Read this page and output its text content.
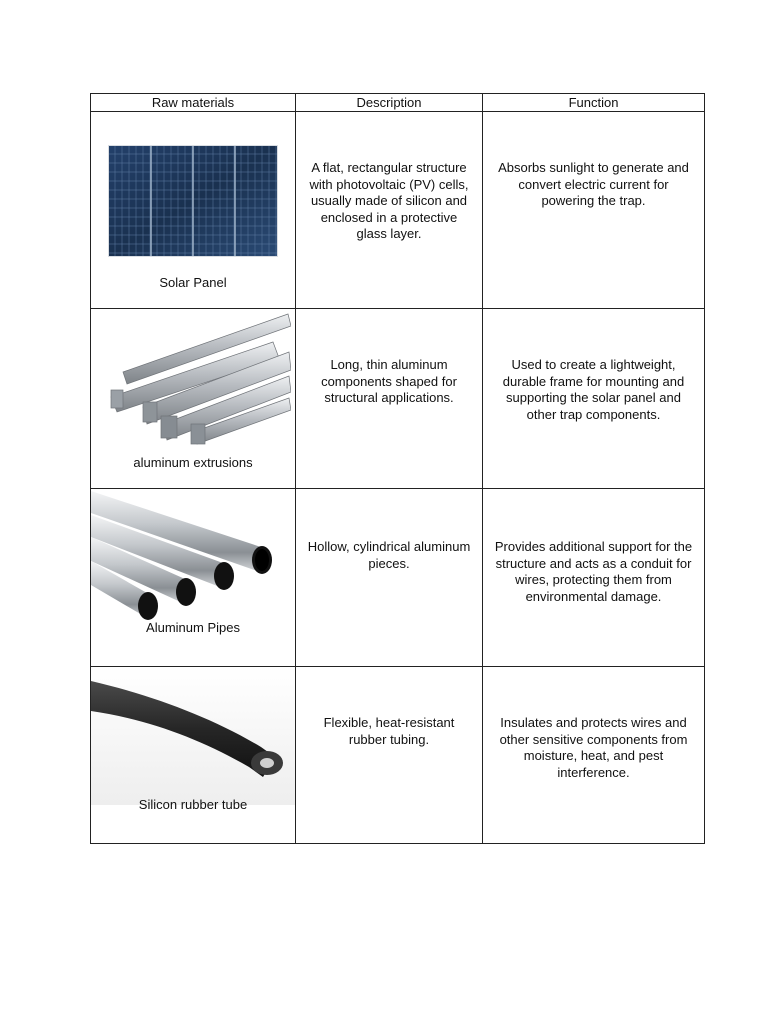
Raw materials	Description	Function

Solar Panel	A flat, rectangular structure with photovoltaic (PV) cells, usually made of silicon and enclosed in a protective glass layer.	Absorbs sunlight to generate and convert electric current for powering the trap.

aluminum extrusions	Long, thin aluminum components shaped for structural applications.	Used to create a lightweight, durable frame for mounting and supporting the solar panel and other trap components.

Aluminum Pipes	Hollow, cylindrical aluminum pieces.	Provides additional support for the structure and acts as a conduit for wires, protecting them from environmental damage.

Silicon rubber tube	Flexible, heat-resistant rubber tubing.	Insulates and protects wires and other sensitive components from moisture, heat, and pest interference.
